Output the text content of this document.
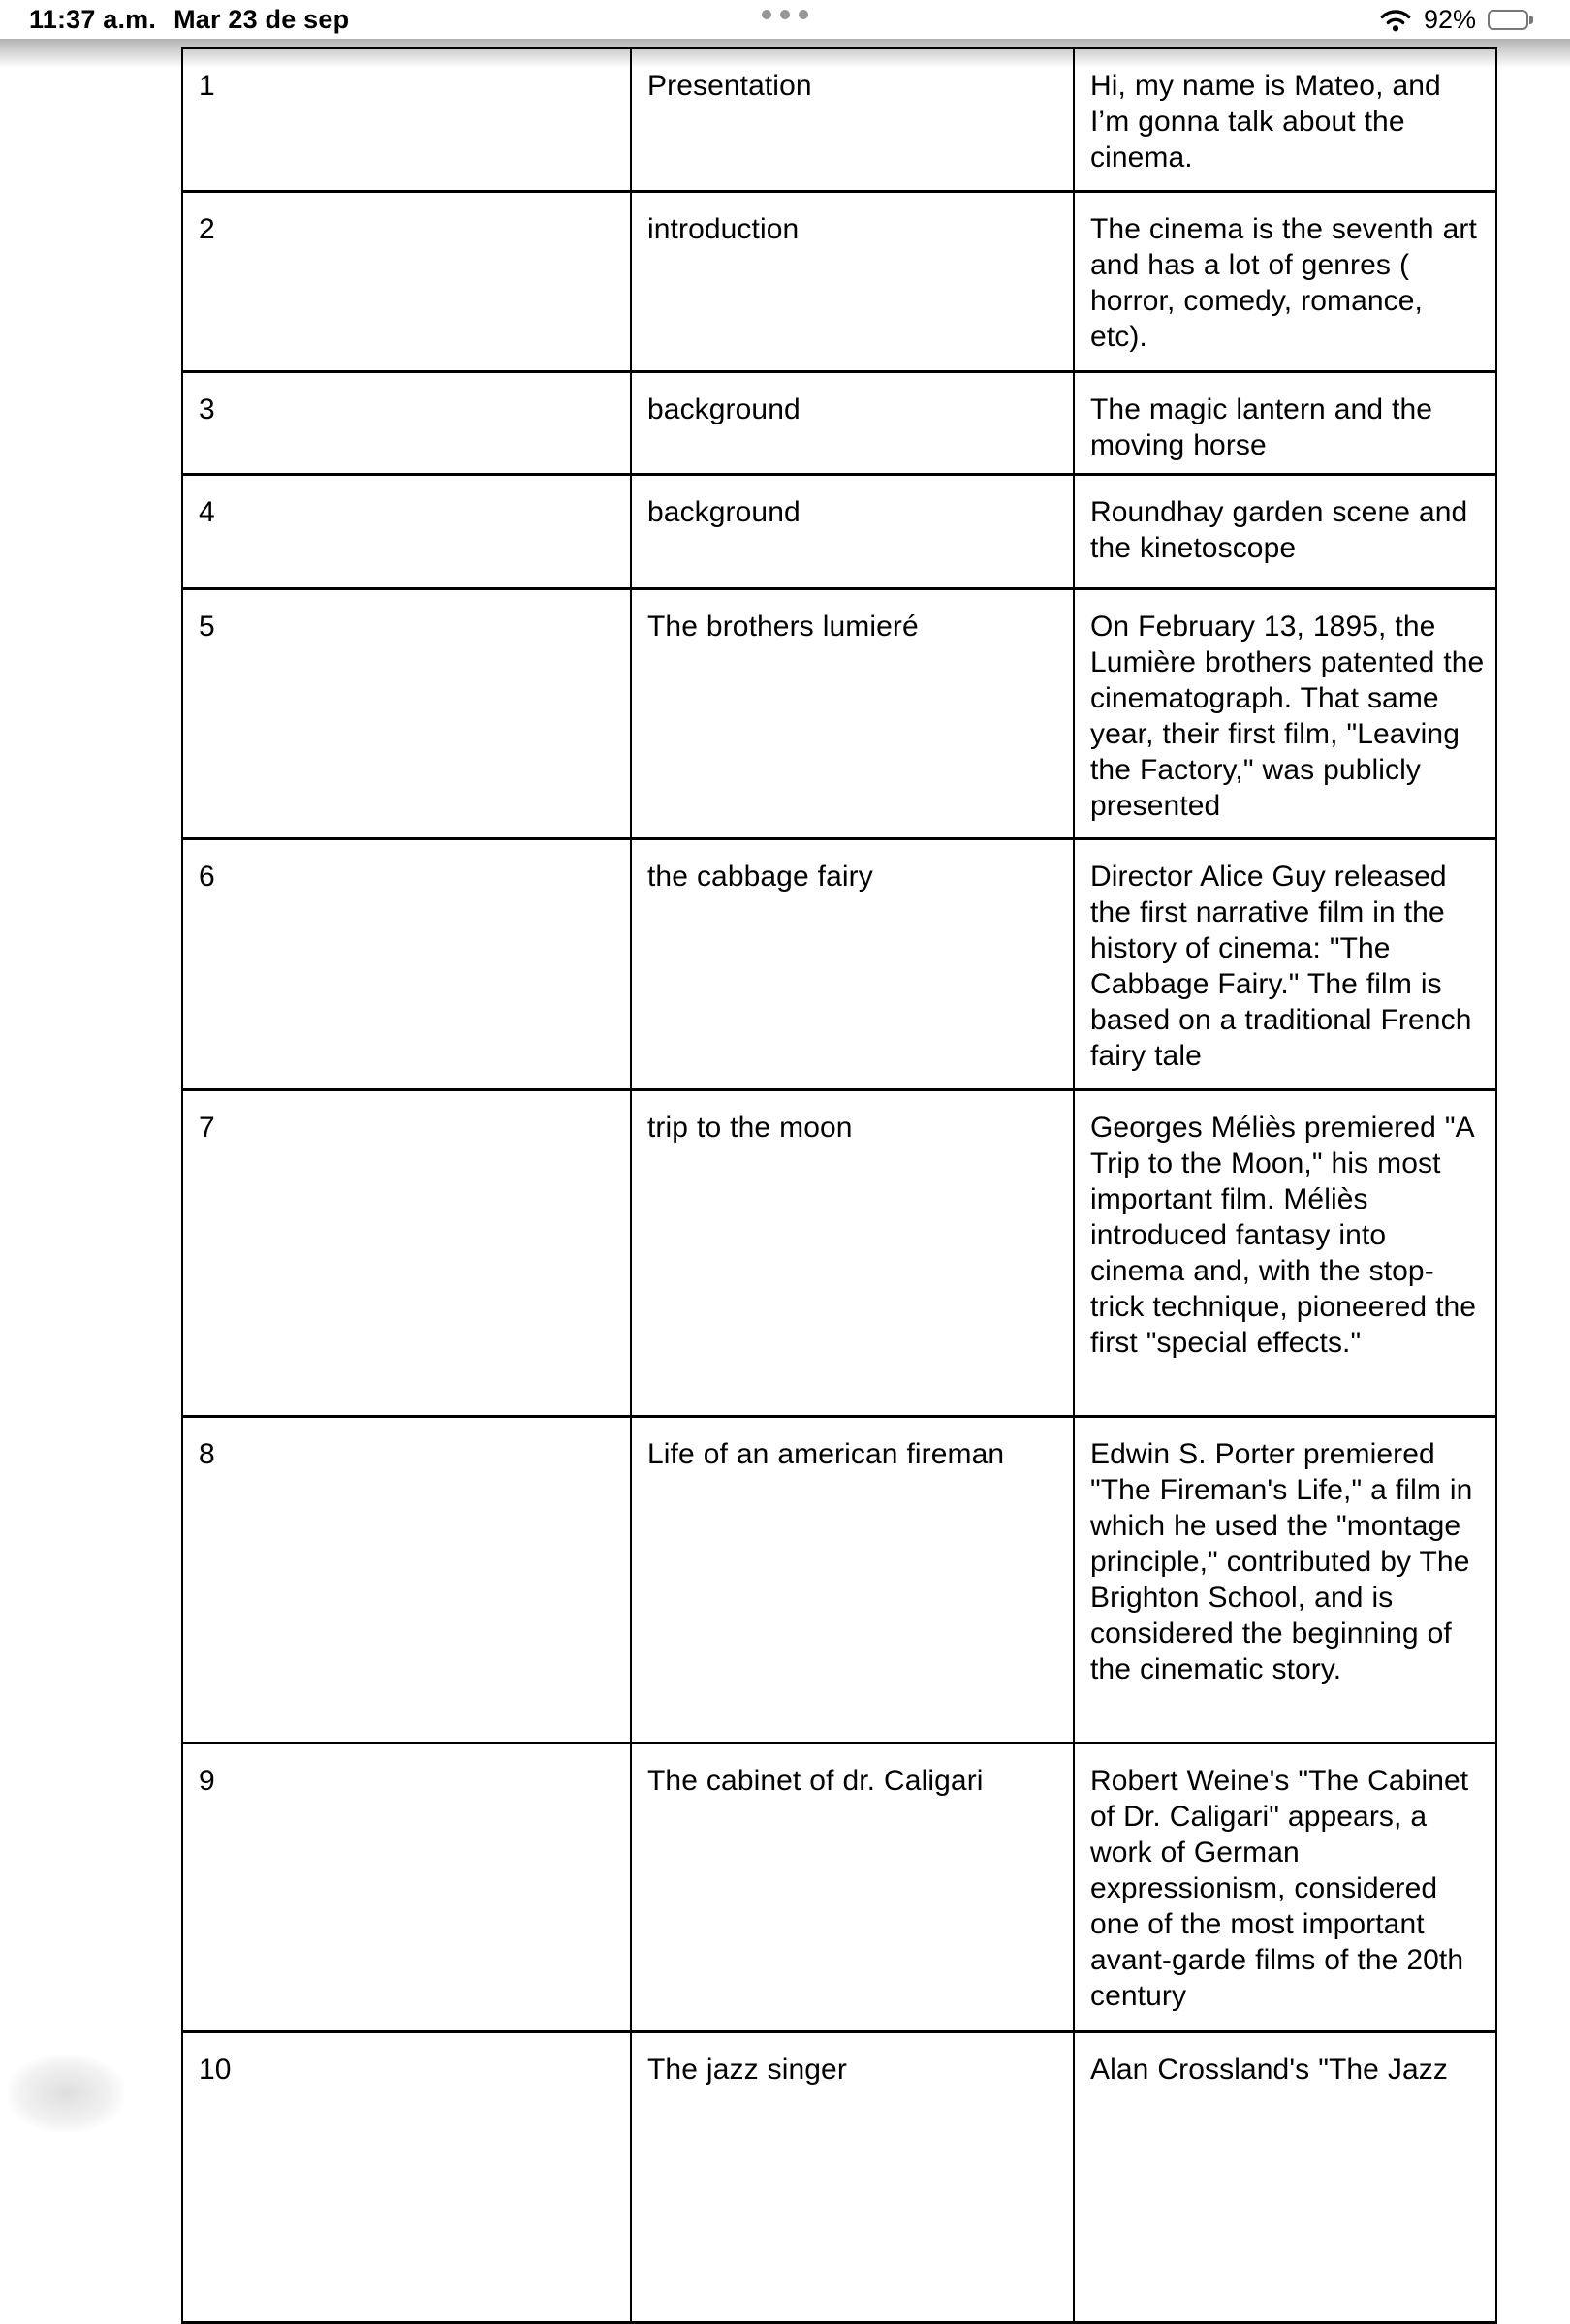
11:37 a.m. Mar 23 de sep	92%
1	Presentation	Hi, my name is Mateo, and I’m gonna talk about the cinema.
2	introduction	The cinema is the seventh art and has a lot of genres ( horror, comedy, romance, etc).
3	background	The magic lantern and the moving horse
4	background	Roundhay garden scene and the kinetoscope
5	The brothers lumieré	On February 13, 1895, the Lumière brothers patented the cinematograph. That same year, their first film, "Leaving the Factory," was publicly presented
6	the cabbage fairy	Director Alice Guy released the first narrative film in the history of cinema: "The Cabbage Fairy." The film is based on a traditional French fairy tale
7	trip to the moon	Georges Méliès premiered "A Trip to the Moon," his most important film. Méliès introduced fantasy into cinema and, with the stop-trick technique, pioneered the first "special effects."
8	Life of an american fireman	Edwin S. Porter premiered "The Fireman's Life," a film in which he used the "montage principle," contributed by The Brighton School, and is considered the beginning of the cinematic story.
9	The cabinet of dr. Caligari	Robert Weine's "The Cabinet of Dr. Caligari" appears, a work of German expressionism, considered one of the most important avant-garde films of the 20th century
10	The jazz singer	Alan Crossland's "The Jazz
